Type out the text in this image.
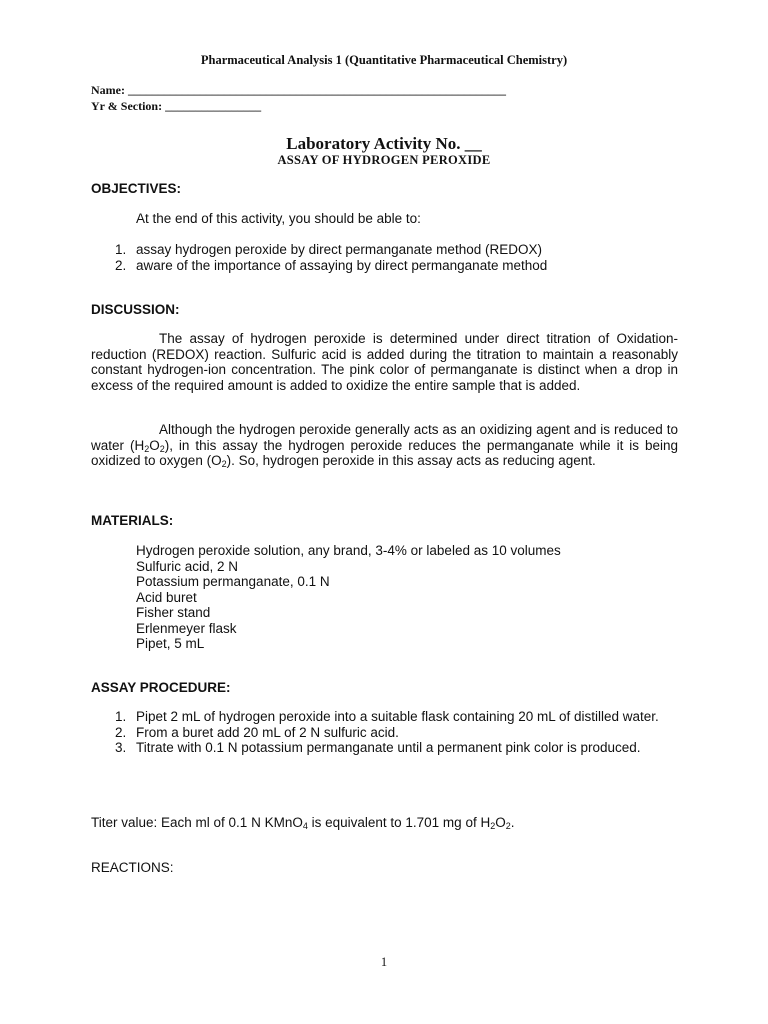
Pharmaceutical Analysis 1 (Quantitative Pharmaceutical Chemistry)
Name: _______________________________________________________________
Yr & Section: ________________
Laboratory Activity No. __
ASSAY OF HYDROGEN PEROXIDE
OBJECTIVES:
At the end of this activity, you should be able to:
1. assay hydrogen peroxide by direct permanganate method (REDOX)
2. aware of the importance of assaying by direct permanganate method
DISCUSSION:
The assay of hydrogen peroxide is determined under direct titration of Oxidation-reduction (REDOX) reaction. Sulfuric acid is added during the titration to maintain a reasonably constant hydrogen-ion concentration. The pink color of permanganate is distinct when a drop in excess of the required amount is added to oxidize the entire sample that is added.
Although the hydrogen peroxide generally acts as an oxidizing agent and is reduced to water $(H_2O_2)$, in this assay the hydrogen peroxide reduces the permanganate while it is being oxidized to oxygen $(O_2)$. So, hydrogen peroxide in this assay acts as reducing agent.
MATERIALS:
Hydrogen peroxide solution, any brand, 3-4% or labeled as 10 volumes
Sulfuric acid, 2 N
Potassium permanganate, 0.1 N
Acid buret
Fisher stand
Erlenmeyer flask
Pipet, 5 mL
ASSAY PROCEDURE:
1. Pipet 2 mL of hydrogen peroxide into a suitable flask containing 20 mL of distilled water.
2. From a buret add 20 mL of 2 N sulfuric acid.
3. Titrate with 0.1 N potassium permanganate until a permanent pink color is produced.
Titer value: Each ml of 0.1 N KMnO$_4$ is equivalent to 1.701 mg of $H_2O_2$.
REACTIONS:
1
